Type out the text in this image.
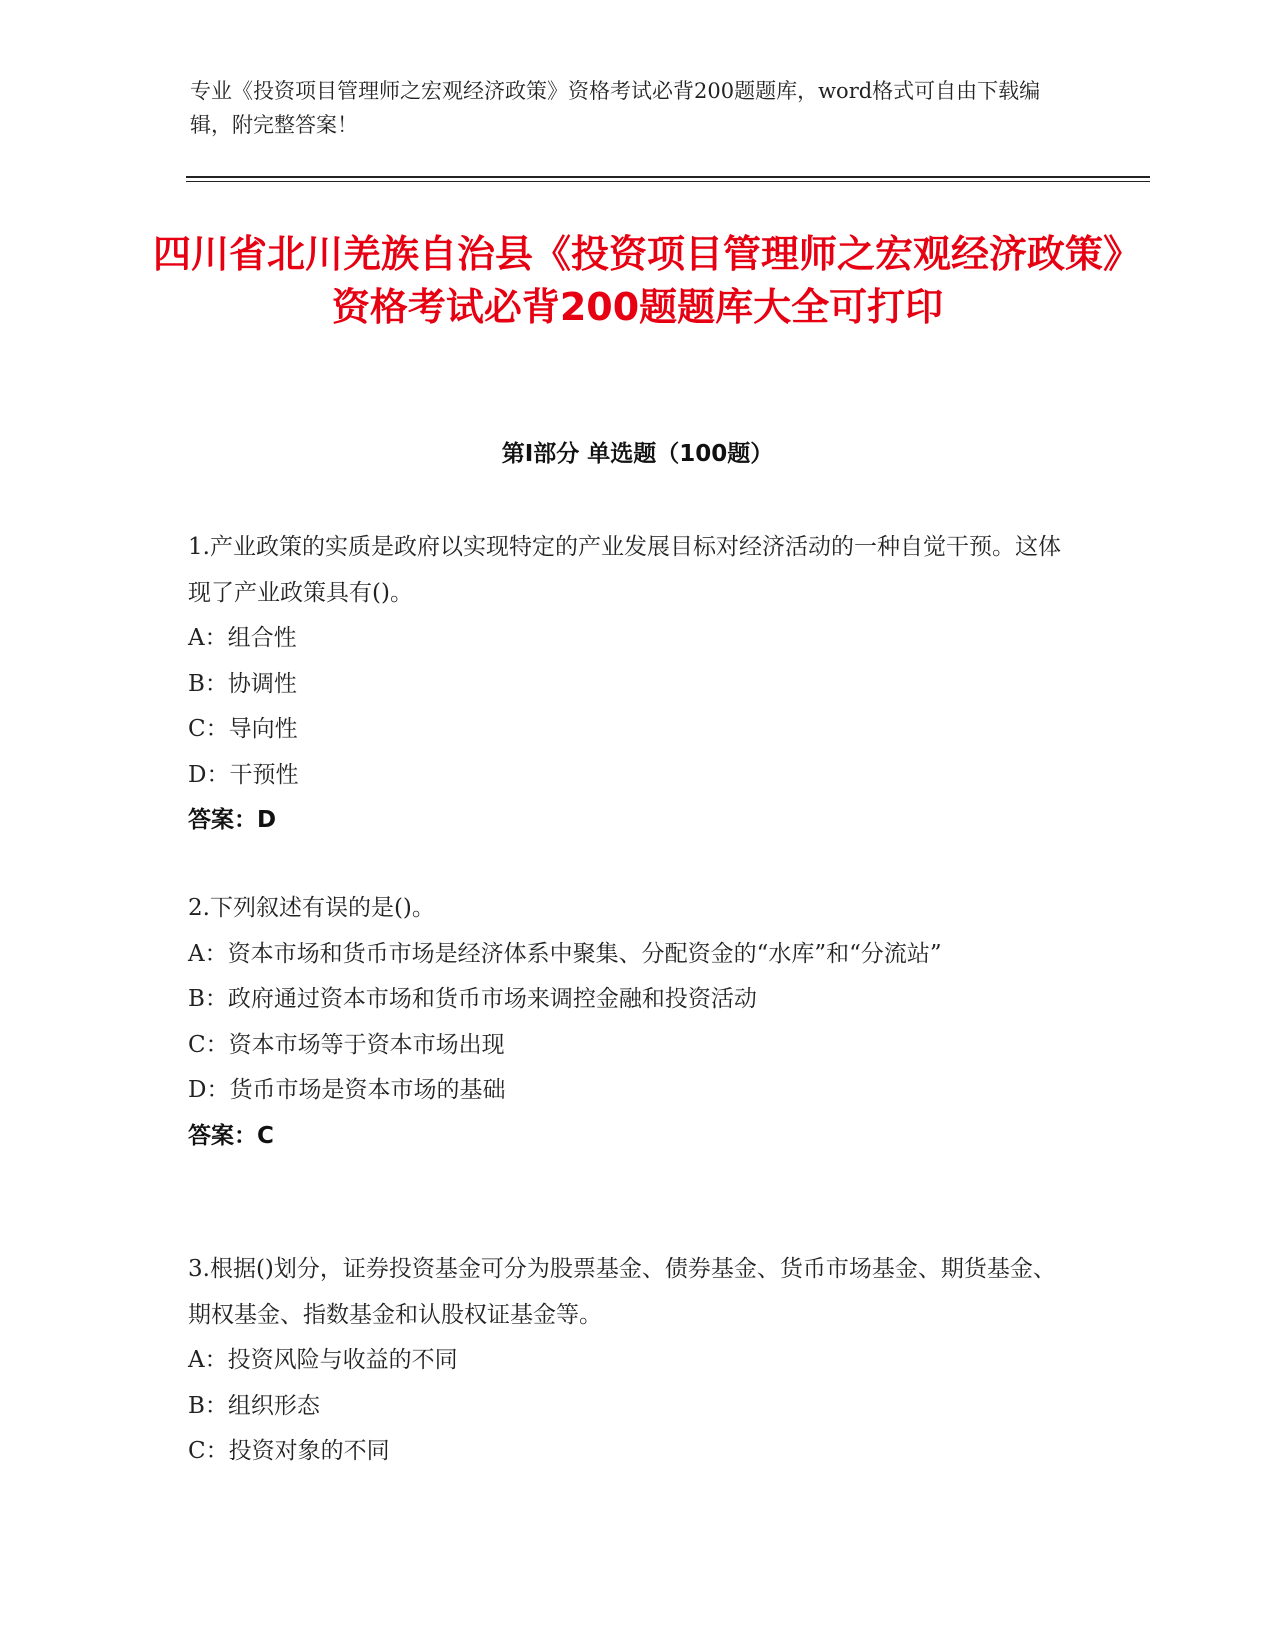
专业《投资项目管理师之宏观经济政策》资格考试必背200题题库，word格式可自由下载编辑，附完整答案！
四川省北川羌族自治县《投资项目管理师之宏观经济政策》资格考试必背200题题库大全可打印
第I部分 单选题（100题）

1.产业政策的实质是政府以实现特定的产业发展目标对经济活动的一种自觉干预。这体现了产业政策具有()。

A：组合性

B：协调性

C：导向性

D：干预性

答案：D

2.下列叙述有误的是()。

A：资本市场和货币市场是经济体系中聚集、分配资金的“水库”和“分流站”

B：政府通过资本市场和货币市场来调控金融和投资活动

C：资本市场等于资本市场出现

D：货币市场是资本市场的基础

答案：C

3.根据()划分，证券投资基金可分为股票基金、债券基金、货币市场基金、期货基金、期权基金、指数基金和认股权证基金等。

A：投资风险与收益的不同

B：组织形态

C：投资对象的不同
